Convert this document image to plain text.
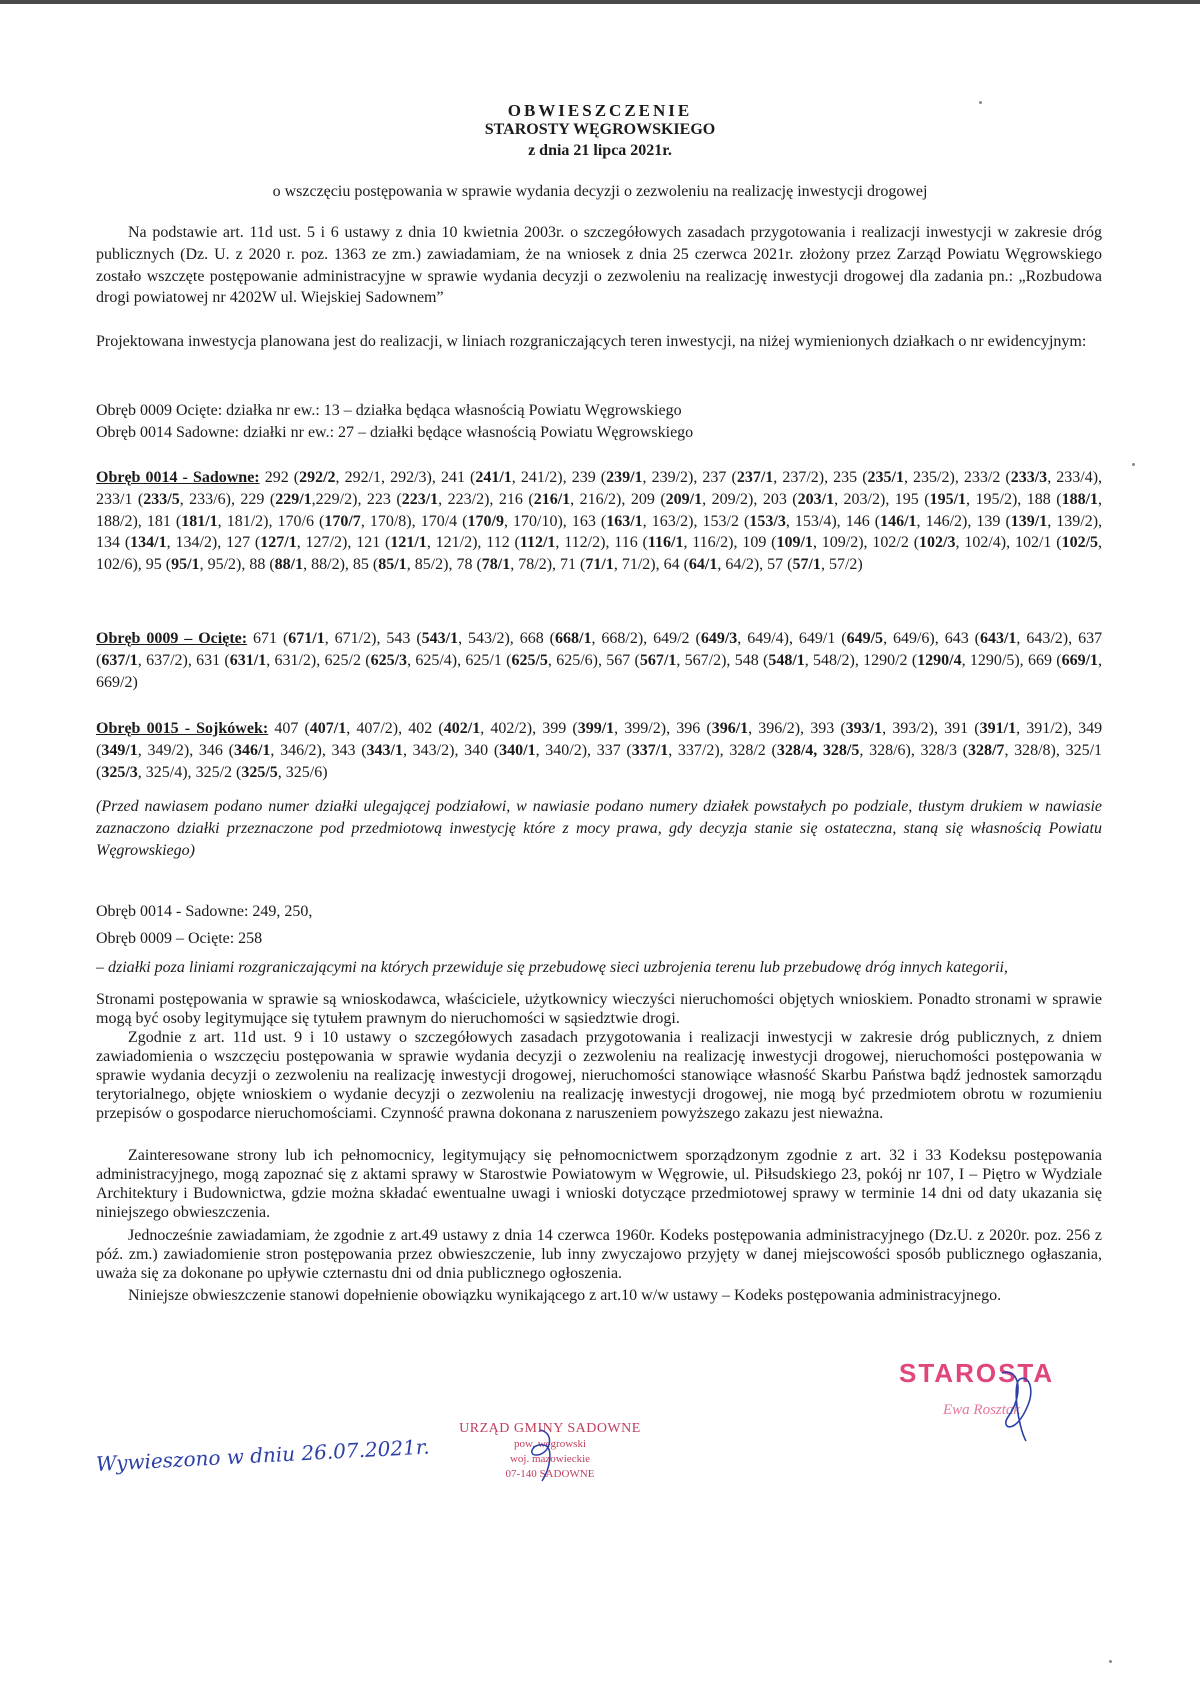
OBWIESZCZENIE
STAROSTY WĘGROWSKIEGO
z dnia 21 lipca 2021r.
o wszczęciu postępowania w sprawie wydania decyzji o zezwoleniu na realizację inwestycji drogowej

Na podstawie art. 11d ust. 5 i 6 ustawy z dnia 10 kwietnia 2003r. o szczegółowych zasadach przygotowania i realizacji inwestycji w zakresie dróg publicznych (Dz. U. z 2020 r. poz. 1363 ze zm.) zawiadamiam, że na wniosek z dnia 25 czerwca 2021r. złożony przez Zarząd Powiatu Węgrowskiego zostało wszczęte postępowanie administracyjne w sprawie wydania decyzji o zezwoleniu na realizację inwestycji drogowej dla zadania pn.: „Rozbudowa drogi powiatowej nr 4202W ul. Wiejskiej Sadownem”

Projektowana inwestycja planowana jest do realizacji, w liniach rozgraniczających teren inwestycji, na niżej wymienionych działkach o nr ewidencyjnym:

Obręb 0009 Ocięte: działka nr ew.: 13 – działka będąca własnością Powiatu Węgrowskiego
Obręb 0014 Sadowne: działki nr ew.: 27 – działki będące własnością Powiatu Węgrowskiego

Obręb 0014 - Sadowne: 292 (292/2, 292/1, 292/3), 241 (241/1, 241/2), 239 (239/1, 239/2), 237 (237/1, 237/2), 235 (235/1, 235/2), 233/2 (233/3, 233/4), 233/1 (233/5, 233/6), 229 (229/1,229/2), 223 (223/1, 223/2), 216 (216/1, 216/2), 209 (209/1, 209/2), 203 (203/1, 203/2), 195 (195/1, 195/2), 188 (188/1, 188/2), 181 (181/1, 181/2), 170/6 (170/7, 170/8), 170/4 (170/9, 170/10), 163 (163/1, 163/2), 153/2 (153/3, 153/4), 146 (146/1, 146/2), 139 (139/1, 139/2), 134 (134/1, 134/2), 127 (127/1, 127/2), 121 (121/1, 121/2), 112 (112/1, 112/2), 116 (116/1, 116/2), 109 (109/1, 109/2), 102/2 (102/3, 102/4), 102/1 (102/5, 102/6), 95 (95/1, 95/2), 88 (88/1, 88/2), 85 (85/1, 85/2), 78 (78/1, 78/2), 71 (71/1, 71/2), 64 (64/1, 64/2), 57 (57/1, 57/2)

Obręb 0009 – Ocięte: 671 (671/1, 671/2), 543 (543/1, 543/2), 668 (668/1, 668/2), 649/2 (649/3, 649/4), 649/1 (649/5, 649/6), 643 (643/1, 643/2), 637 (637/1, 637/2), 631 (631/1, 631/2), 625/2 (625/3, 625/4), 625/1 (625/5, 625/6), 567 (567/1, 567/2), 548 (548/1, 548/2), 1290/2 (1290/4, 1290/5), 669 (669/1, 669/2)

Obręb 0015 - Sojkówek: 407 (407/1, 407/2), 402 (402/1, 402/2), 399 (399/1, 399/2), 396 (396/1, 396/2), 393 (393/1, 393/2), 391 (391/1, 391/2), 349 (349/1, 349/2), 346 (346/1, 346/2), 343 (343/1, 343/2), 340 (340/1, 340/2), 337 (337/1, 337/2), 328/2 (328/4, 328/5, 328/6), 328/3 (328/7, 328/8), 325/1 (325/3, 325/4), 325/2 (325/5, 325/6)

(Przed nawiasem podano numer działki ulegającej podziałowi, w nawiasie podano numery działek powstałych po podziale, tłustym drukiem w nawiasie zaznaczono działki przeznaczone pod przedmiotową inwestycję które z mocy prawa, gdy decyzja stanie się ostateczna, staną się własnością Powiatu Węgrowskiego)

Obręb 0014 - Sadowne: 249, 250,

Obręb 0009 – Ocięte: 258

– działki poza liniami rozgraniczającymi na których przewiduje się przebudowę sieci uzbrojenia terenu lub przebudowę dróg innych kategorii,

Stronami postępowania w sprawie są wnioskodawca, właściciele, użytkownicy wieczyści nieruchomości objętych wnioskiem. Ponadto stronami w sprawie mogą być osoby legitymujące się tytułem prawnym do nieruchomości w sąsiedztwie drogi.

Zgodnie z art. 11d ust. 9 i 10 ustawy o szczegółowych zasadach przygotowania i realizacji inwestycji w zakresie dróg publicznych, z dniem zawiadomienia o wszczęciu postępowania w sprawie wydania decyzji o zezwoleniu na realizację inwestycji drogowej, nieruchomości postępowania w sprawie wydania decyzji o zezwoleniu na realizację inwestycji drogowej, nieruchomości stanowiące własność Skarbu Państwa bądź jednostek samorządu terytorialnego, objęte wnioskiem o wydanie decyzji o zezwoleniu na realizację inwestycji drogowej, nie mogą być przedmiotem obrotu w rozumieniu przepisów o gospodarce nieruchomościami. Czynność prawna dokonana z naruszeniem powyższego zakazu jest nieważna.

Zainteresowane strony lub ich pełnomocnicy, legitymujący się pełnomocnictwem sporządzonym zgodnie z art. 32 i 33 Kodeksu postępowania administracyjnego, mogą zapoznać się z aktami sprawy w Starostwie Powiatowym w Węgrowie, ul. Piłsudskiego 23, pokój nr 107, I – Piętro w Wydziale Architektury i Budownictwa, gdzie można składać ewentualne uwagi i wnioski dotyczące przedmiotowej sprawy w terminie 14 dni od daty ukazania się niniejszego obwieszczenia.

Jednocześnie zawiadamiam, że zgodnie z art.49 ustawy z dnia 14 czerwca 1960r. Kodeks postępowania administracyjnego (Dz.U. z 2020r. poz. 256 z póź. zm.) zawiadomienie stron postępowania przez obwieszczenie, lub inny zwyczajowo przyjęty w danej miejscowości sposób publicznego ogłaszania, uważa się za dokonane po upływie czternastu dni od dnia publicznego ogłoszenia.

Niniejsze obwieszczenie stanowi dopełnienie obowiązku wynikającego z art.10 w/w ustawy – Kodeks postępowania administracyjnego.

STAROSTA
Ewa Rosztak
URZĄD GMINY SADOWNE
pow. węgrowski
woj. mazowieckie
07-140 SADOWNE
Wywieszono w dniu 26.07.2021r.
